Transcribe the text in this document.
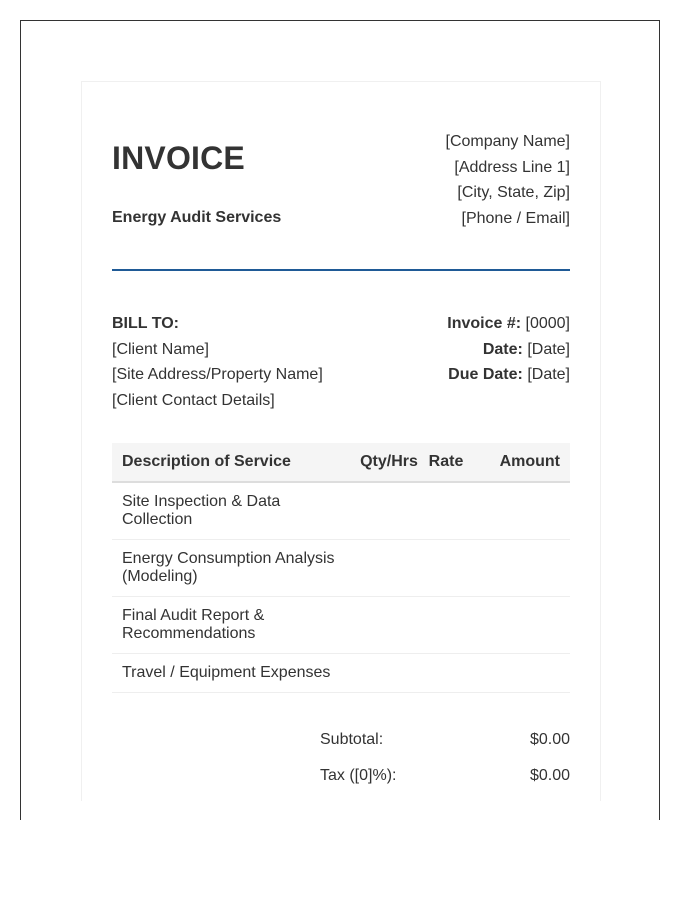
INVOICE
Energy Audit Services
[Company Name]
[Address Line 1]
[City, State, Zip]
[Phone / Email]
BILL TO:
[Client Name]
[Site Address/Property Name]
[Client Contact Details]
Invoice #: [0000]
Date: [Date]
Due Date: [Date]
Description of Service	Qty/Hrs	Rate	Amount

Site Inspection & Data Collection			

Energy Consumption Analysis (Modeling)			

Final Audit Report & Recommendations			

Travel / Equipment Expenses			

Subtotal:	$0.00
Tax ([0]%):	$0.00
